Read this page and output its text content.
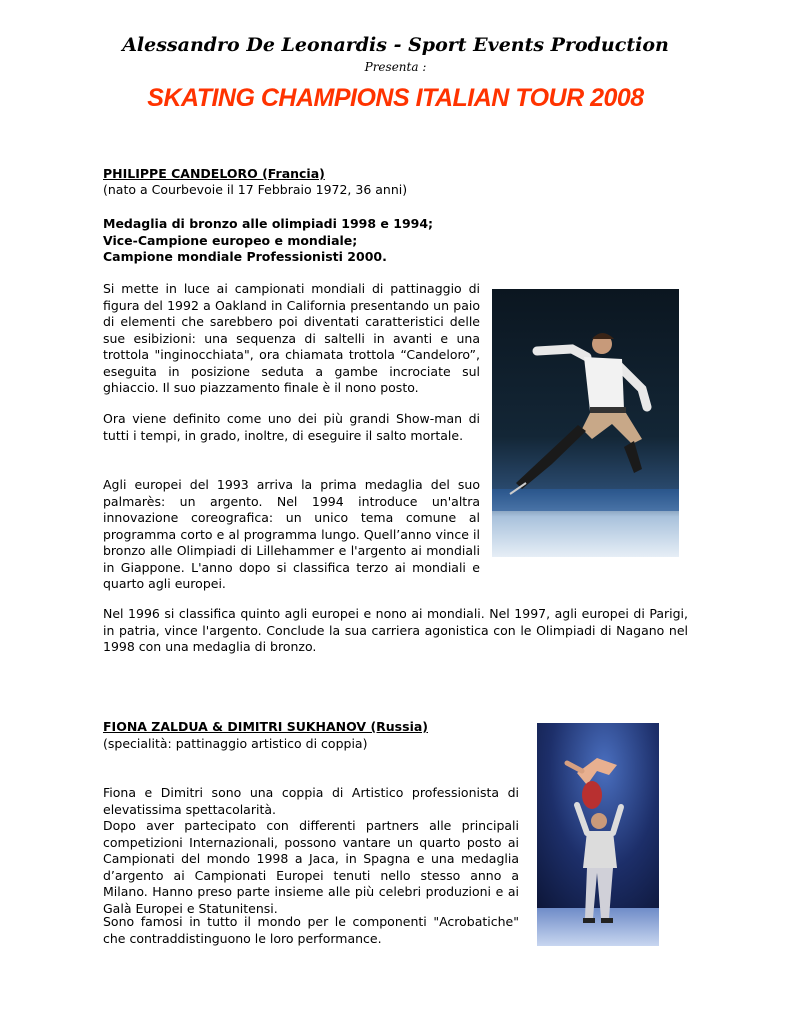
Alessandro De Leonardis - Sport Events Production
Presenta :
SKATING CHAMPIONS ITALIAN TOUR 2008
PHILIPPE CANDELORO (Francia)
(nato a Courbevoie il 17 Febbraio 1972, 36 anni)
Medaglia di bronzo alle olimpiadi 1998 e 1994;
Vice-Campione europeo e mondiale;
Campione mondiale Professionisti 2000.
Si mette in luce ai campionati mondiali di pattinaggio di figura del 1992 a Oakland in California presentando un paio di elementi che sarebbero poi diventati caratteristici delle sue esibizioni: una sequenza di saltelli in avanti e una trottola "inginocchiata", ora chiamata trottola “Candeloro”, eseguita in posizione seduta a gambe incrociate sul ghiaccio. Il suo piazzamento finale è il nono posto.
Ora viene definito come uno dei più grandi Show-man di tutti i tempi, in grado, inoltre, di eseguire il salto mortale.
Agli europei del 1993 arriva la prima medaglia del suo palmarès: un argento. Nel 1994 introduce un'altra innovazione coreografica: un unico tema comune al programma corto e al programma lungo. Quell’anno vince il bronzo alle Olimpiadi di Lillehammer e l'argento ai mondiali in Giappone. L'anno dopo si classifica terzo ai mondiali e quarto agli europei.
Nel 1996 si classifica quinto agli europei e nono ai mondiali. Nel 1997, agli europei di Parigi, in patria, vince l'argento. Conclude la sua carriera agonistica con le Olimpiadi di Nagano nel 1998 con una medaglia di bronzo.
FIONA ZALDUA & DIMITRI SUKHANOV (Russia)
(specialità: pattinaggio artistico di coppia)
Fiona e Dimitri sono una coppia di Artistico professionista di elevatissima spettacolarità.
Dopo aver partecipato con differenti partners alle principali competizioni Internazionali, possono vantare un quarto posto ai Campionati del mondo 1998 a Jaca, in Spagna e una medaglia d’argento ai Campionati Europei tenuti nello stesso anno a Milano. Hanno preso parte insieme alle più celebri produzioni e ai Galà Europei e Statunitensi.
Sono famosi in tutto il mondo per le componenti "Acrobatiche" che contraddistinguono le loro performance.
